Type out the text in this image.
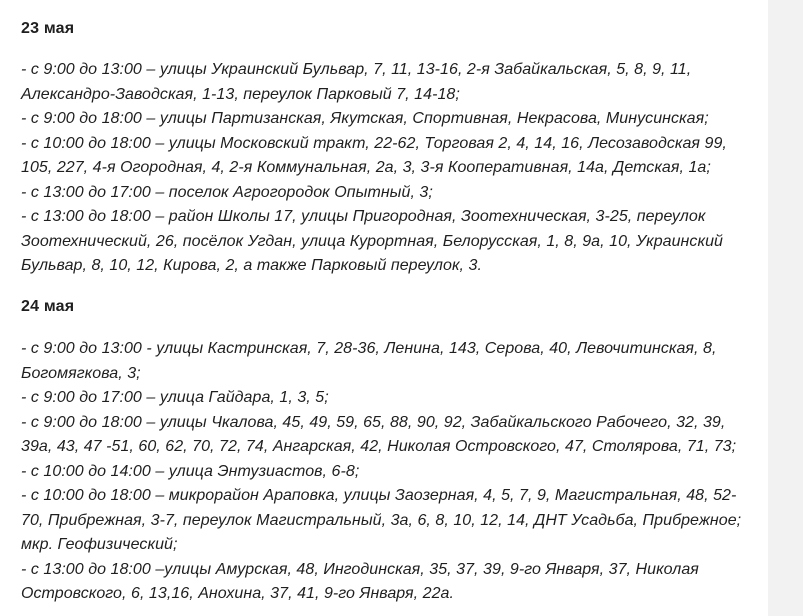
23 мая
- с 9:00 до 13:00 – улицы Украинский Бульвар, 7, 11, 13-16, 2-я Забайкальская, 5, 8, 9, 11,
Александро-Заводская, 1-13, переулок Парковый 7, 14-18;
- с 9:00 до 18:00 – улицы Партизанская, Якутская, Спортивная, Некрасова, Минусинская;
- с 10:00 до 18:00 – улицы Московский тракт, 22-62, Торговая 2, 4, 14, 16, Лесозаводская 99,
105, 227, 4-я Огородная, 4, 2-я Коммунальная, 2а, 3, 3-я Кооперативная, 14а, Детская, 1а;
- с 13:00 до 17:00 – поселок Агрогородок Опытный, 3;
- с 13:00 до 18:00 – район Школы 17, улицы Пригородная, Зоотехническая, 3-25, переулок
Зоотехнический, 26, посёлок Угдан, улица Курортная, Белорусская, 1, 8, 9а, 10, Украинский
Бульвар, 8, 10, 12, Кирова, 2, а также Парковый переулок, 3.
24 мая
- с 9:00 до 13:00 - улицы Кастринская, 7, 28-36, Ленина, 143, Серова, 40, Левочитинская, 8,
Богомягкова, 3;
- с 9:00 до 17:00 – улица Гайдара, 1, 3, 5;
- с 9:00 до 18:00 – улицы Чкалова, 45, 49, 59, 65, 88, 90, 92, Забайкальского Рабочего, 32, 39,
39а, 43, 47 -51, 60, 62, 70, 72, 74, Ангарская, 42, Николая Островского, 47, Столярова, 71, 73;
- с 10:00 до 14:00 – улица Энтузиастов, 6-8;
- с 10:00 до 18:00 – микрорайон Араповка, улицы Заозерная, 4, 5, 7, 9, Магистральная, 48, 52-
70, Прибрежная, 3-7, переулок Магистральный, 3а, 6, 8, 10, 12, 14, ДНТ Усадьба, Прибрежное;
мкр. Геофизический;
- с 13:00 до 18:00 –улицы Амурская, 48, Ингодинская, 35, 37, 39, 9-го Января, 37, Николая
Островского, 6, 13,16, Анохина, 37, 41, 9-го Января, 22а.
